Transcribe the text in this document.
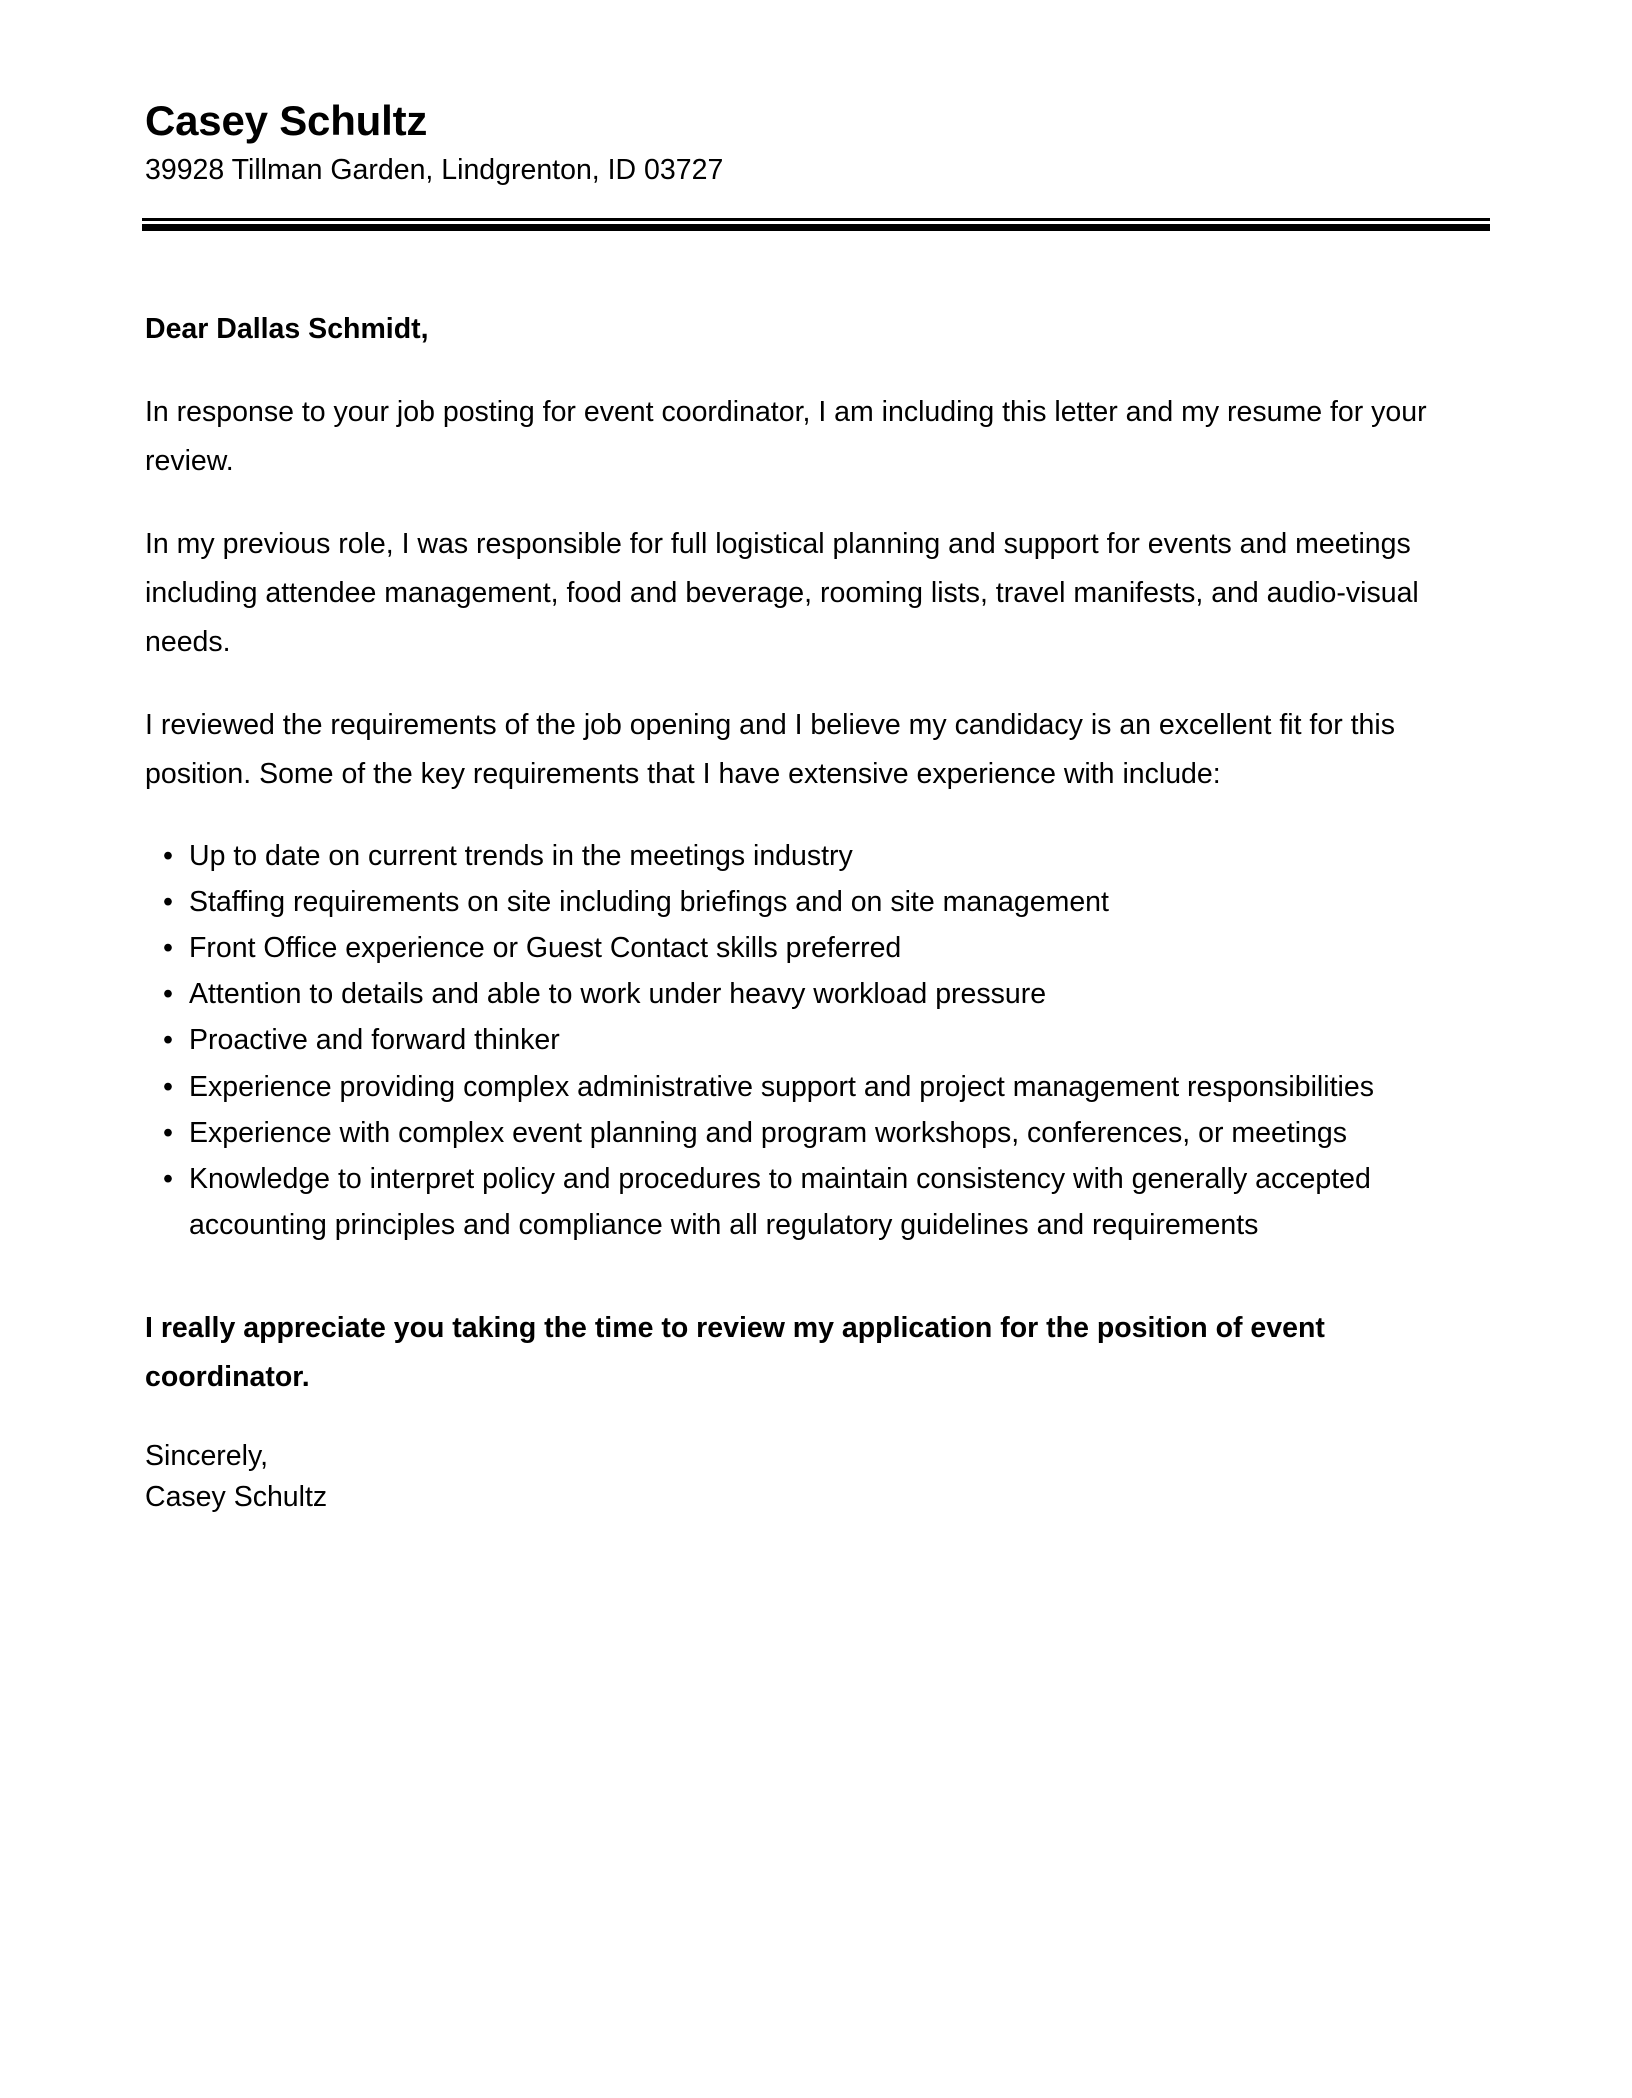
Casey Schultz

39928 Tillman Garden, Lindgrenton, ID 03727

Dear Dallas Schmidt,

In response to your job posting for event coordinator, I am including this letter and my resume for your review.

In my previous role, I was responsible for full logistical planning and support for events and meetings including attendee management, food and beverage, rooming lists, travel manifests, and audio-visual needs.

I reviewed the requirements of the job opening and I believe my candidacy is an excellent fit for this position. Some of the key requirements that I have extensive experience with include:

• Up to date on current trends in the meetings industry
• Staffing requirements on site including briefings and on site management
• Front Office experience or Guest Contact skills preferred
• Attention to details and able to work under heavy workload pressure
• Proactive and forward thinker
• Experience providing complex administrative support and project management responsibilities
• Experience with complex event planning and program workshops, conferences, or meetings
• Knowledge to interpret policy and procedures to maintain consistency with generally accepted accounting principles and compliance with all regulatory guidelines and requirements

I really appreciate you taking the time to review my application for the position of event coordinator.

Sincerely,

Casey Schultz
